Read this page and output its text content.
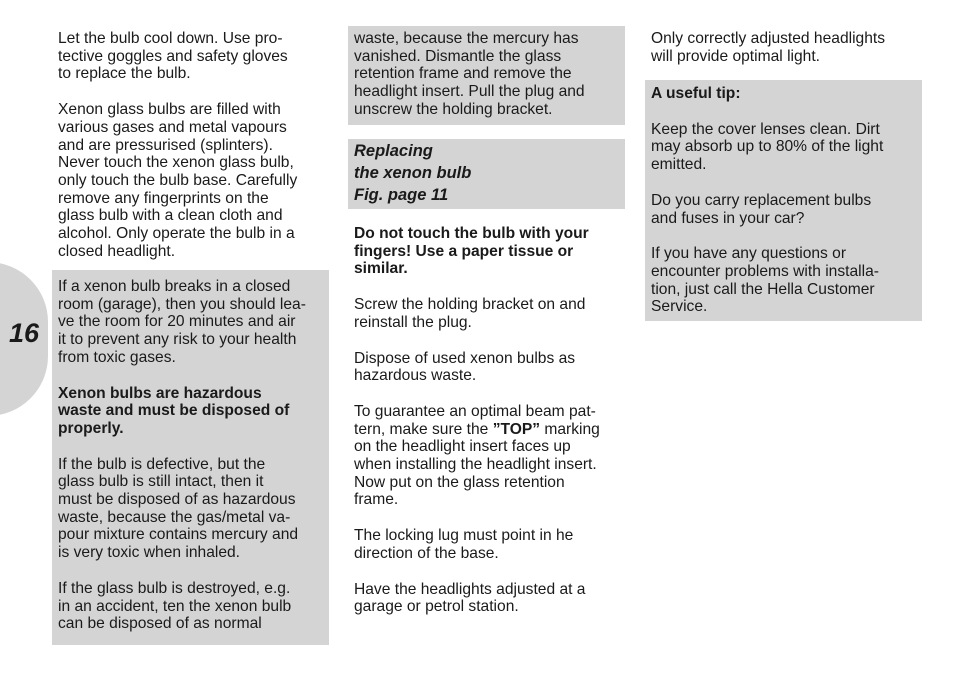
16

Let the bulb cool down. Use pro-
tective goggles and safety gloves
to replace the bulb.

Xenon glass bulbs are filled with
various gases and metal vapours
and are pressurised (splinters).
Never touch the xenon glass bulb,
only touch the bulb base. Carefully
remove any fingerprints on the
glass bulb with a clean cloth and
alcohol. Only operate the bulb in a
closed headlight.

If a xenon bulb breaks in a closed
room (garage), then you should lea-
ve the room for 20 minutes and air
it to prevent any risk to your health
from toxic gases.

Xenon bulbs are hazardous
waste and must be disposed of
properly.

If the bulb is defective, but the
glass bulb is still intact, then it
must be disposed of as hazardous
waste, because the gas/metal va-
pour mixture contains mercury and
is very toxic when inhaled.

If the glass bulb is destroyed, e.g.
in an accident, ten the xenon bulb
can be disposed of as normal

waste, because the mercury has
vanished. Dismantle the glass
retention frame and remove the
headlight insert. Pull the plug and
unscrew the holding bracket.

Replacing
the xenon bulb
Fig. page 11

Do not touch the bulb with your
fingers! Use a paper tissue or
similar.

Screw the holding bracket on and
reinstall the plug.

Dispose of used xenon bulbs as
hazardous waste.

To guarantee an optimal beam pat-
tern, make sure the ”TOP” marking
on the headlight insert faces up
when installing the headlight insert.
Now put on the glass retention
frame.

The locking lug must point in he
direction of the base.

Have the headlights adjusted at a
garage or petrol station.

Only correctly adjusted headlights
will provide optimal light.

A useful tip:

Keep the cover lenses clean. Dirt
may absorb up to 80% of the light
emitted.

Do you carry replacement bulbs
and fuses in your car?

If you have any questions or
encounter problems with installa-
tion, just call the Hella Customer
Service.
